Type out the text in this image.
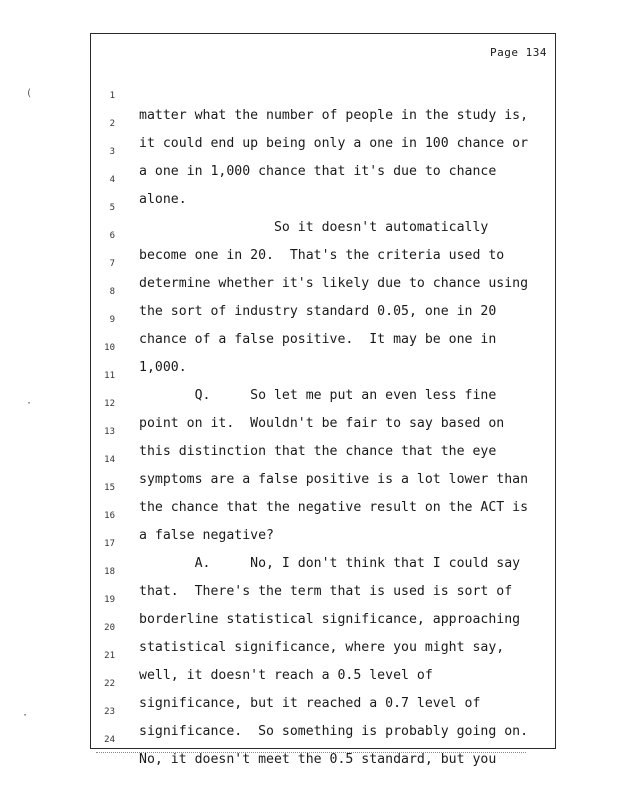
Page 134

1

matter what the number of people in the study is,

2

it could end up being only a one in 100 chance or

3

a one in 1,000 chance that it's due to chance

4

alone.

5

So it doesn't automatically

6

become one in 20.  That's the criteria used to

7

determine whether it's likely due to chance using

8

the sort of industry standard 0.05, one in 20

9

chance of a false positive.  It may be one in

10

1,000.

11

Q.     So let me put an even less fine

12

point on it.  Wouldn't be fair to say based on

13

this distinction that the chance that the eye

14

symptoms are a false positive is a lot lower than

15

the chance that the negative result on the ACT is

16

a false negative?

17

A.     No, I don't think that I could say

18

that.  There's the term that is used is sort of

19

borderline statistical significance, approaching

20

statistical significance, where you might say,

21

well, it doesn't reach a 0.5 level of

22

significance, but it reached a 0.7 level of

23

significance.  So something is probably going on.

24

No, it doesn't meet the 0.5 standard, but you

(
·
·
